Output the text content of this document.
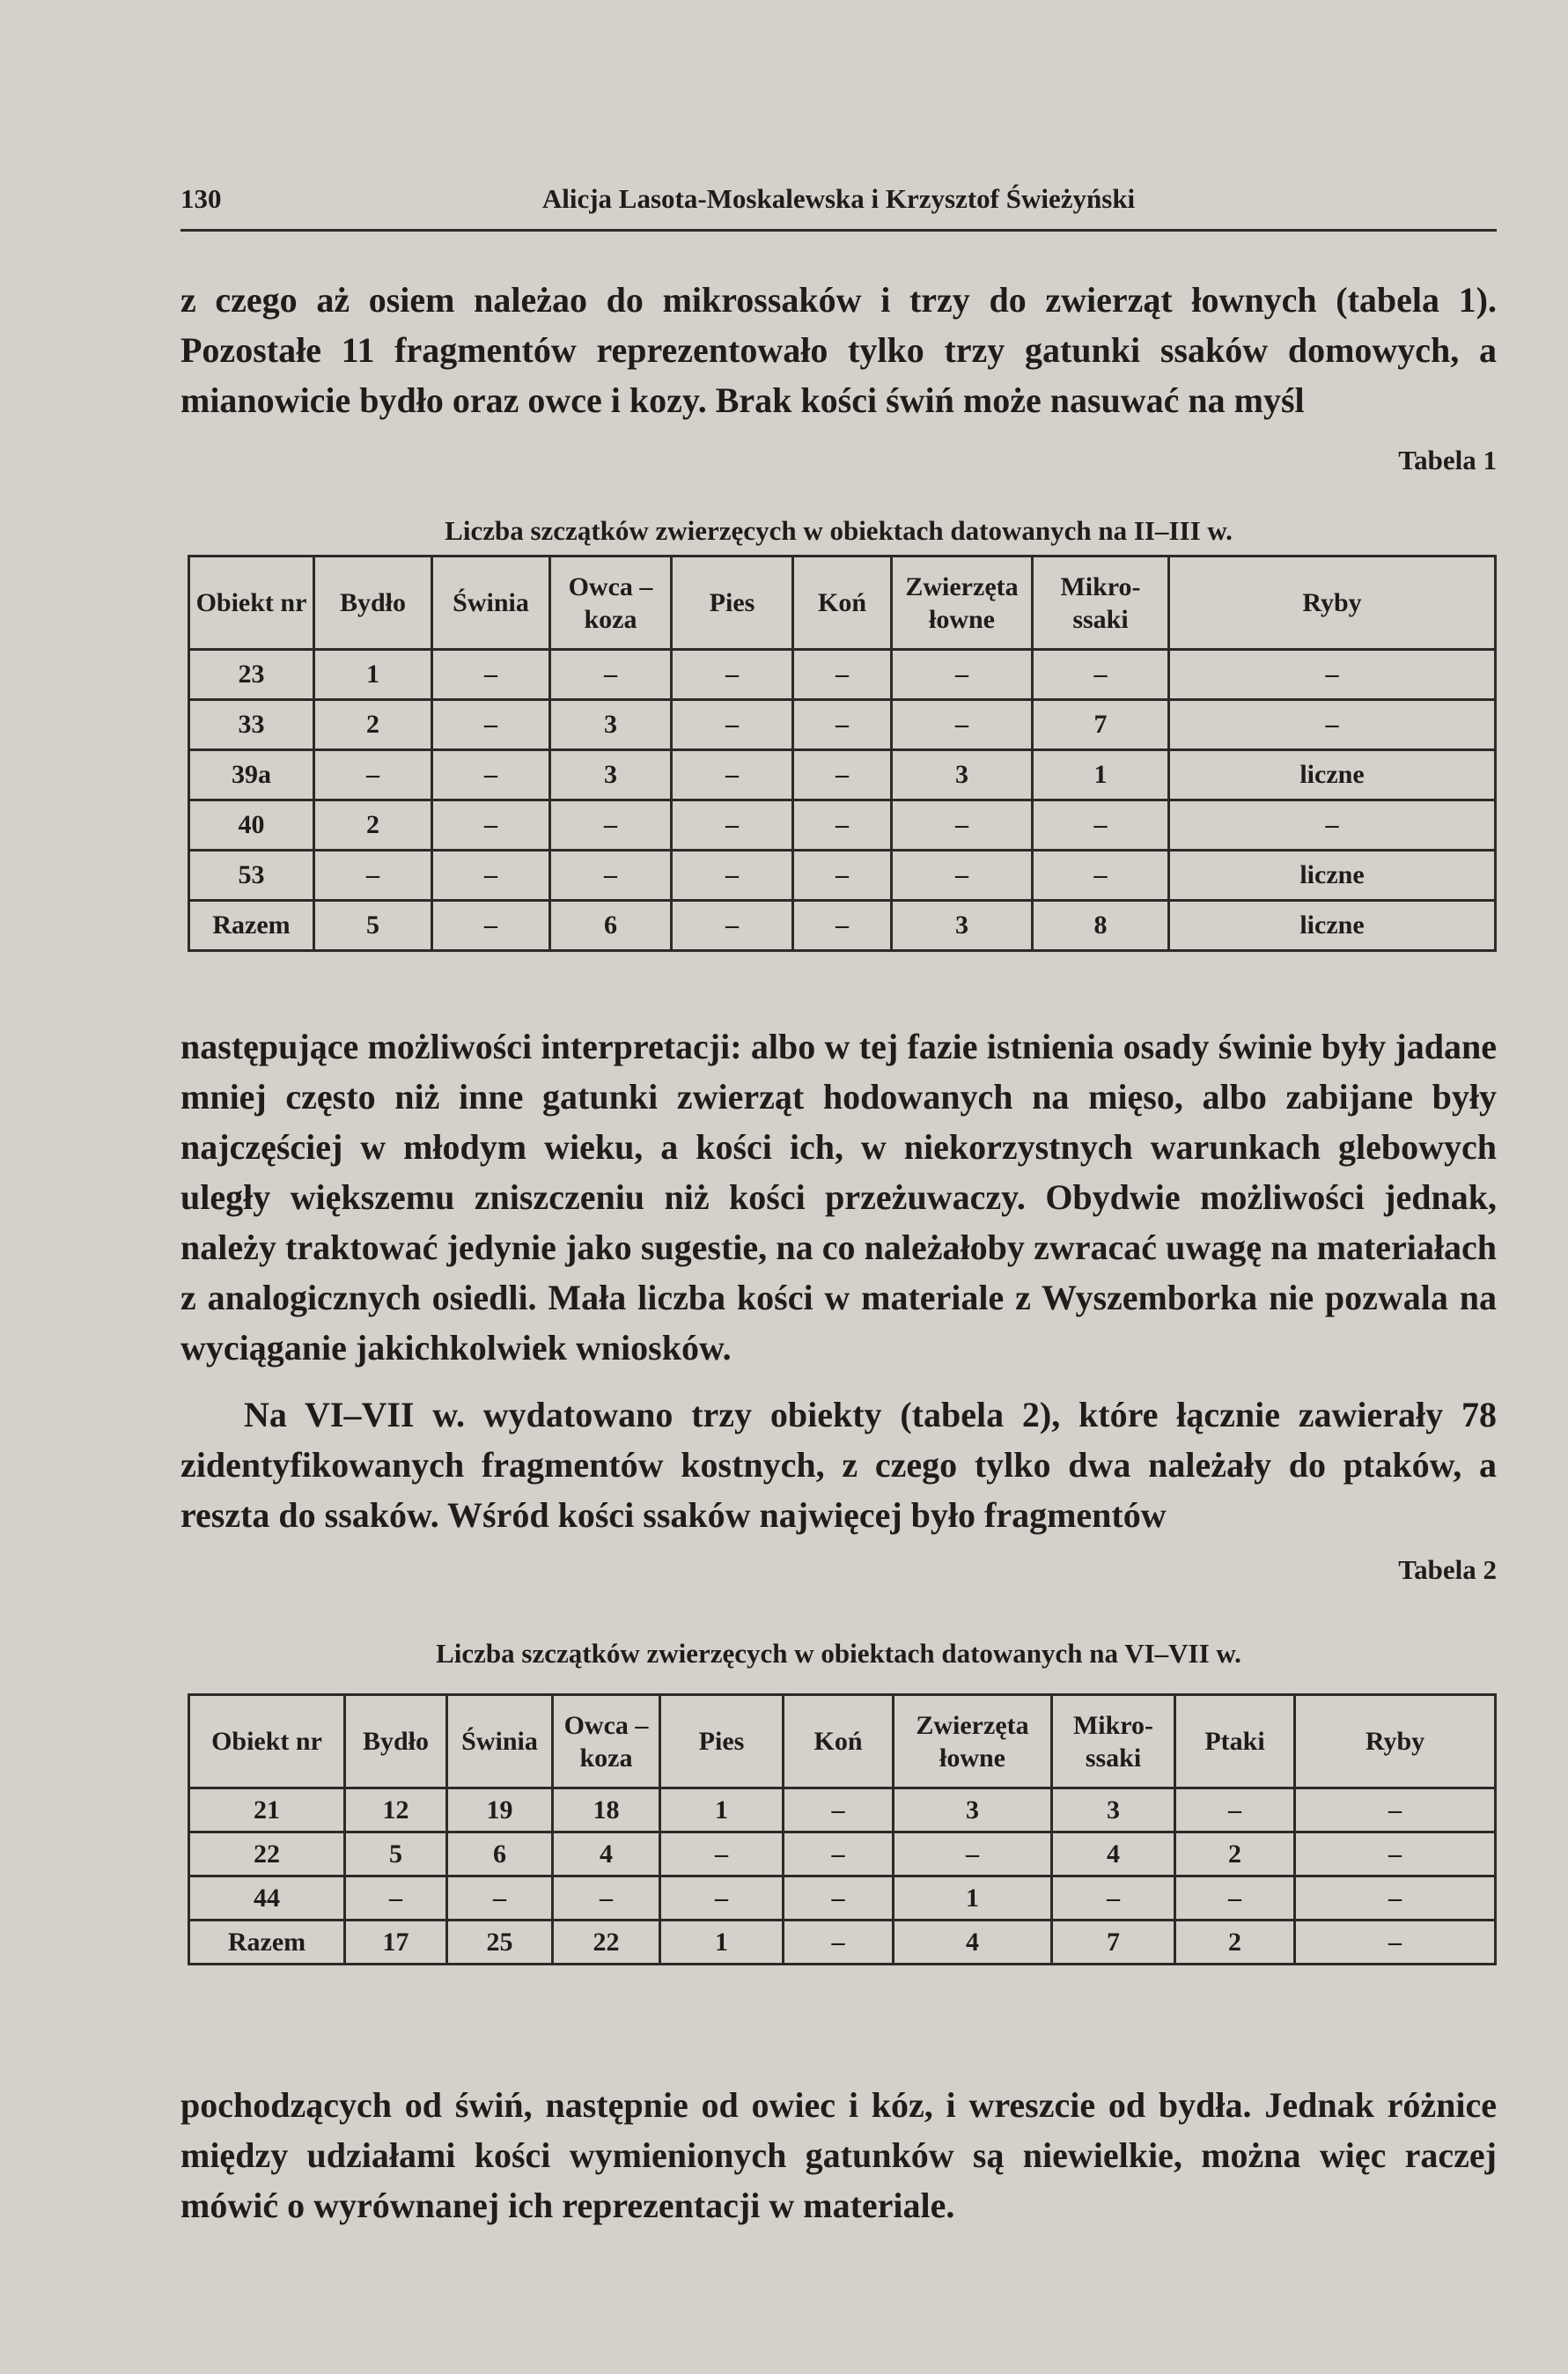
130	Alicja Lasota-Moskalewska i Krzysztof Świeżyński

z czego aż osiem należao do mikrossaków i trzy do zwierząt łownych (tabela 1). Pozostałe 11 fragmentów reprezentowało tylko trzy gatunki ssaków domowych, a mianowicie bydło oraz owce i kozy. Brak kości świń może nasuwać na myśl

Tabela 1
Liczba szczątków zwierzęcych w obiektach datowanych na II–III w.
Obiekt nr	Bydło	Świnia	Owca – koza	Pies	Koń	Zwierzęta łowne	Mikro-ssaki	Ryby
23	1	–	–	–	–	–	–	–
33	2	–	3	–	–	–	7	–
39a	–	–	3	–	–	3	1	liczne
40	2	–	–	–	–	–	–	–
53	–	–	–	–	–	–	–	liczne
Razem	5	–	6	–	–	3	8	liczne

następujące możliwości interpretacji: albo w tej fazie istnienia osady świnie były jadane mniej często niż inne gatunki zwierząt hodowanych na mięso, albo zabijane były najczęściej w młodym wieku, a kości ich, w niekorzystnych warunkach glebowych uległy większemu zniszczeniu niż kości przeżuwaczy. Obydwie możliwości jednak, należy traktować jedynie jako sugestie, na co należałoby zwracać uwagę na materiałach z analogicznych osiedli. Mała liczba kości w materiale z Wyszemborka nie pozwala na wyciąganie jakichkolwiek wniosków.

Na VI–VII w. wydatowano trzy obiekty (tabela 2), które łącznie zawierały 78 zidentyfikowanych fragmentów kostnych, z czego tylko dwa należały do ptaków, a reszta do ssaków. Wśród kości ssaków najwięcej było fragmentów

Tabela 2
Liczba szczątków zwierzęcych w obiektach datowanych na VI–VII w.
Obiekt nr	Bydło	Świnia	Owca – koza	Pies	Koń	Zwierzęta łowne	Mikro-ssaki	Ptaki	Ryby
21	12	19	18	1	–	3	3	–	–
22	5	6	4	–	–	–	4	2	–
44	–	–	–	–	–	1	–	–	–
Razem	17	25	22	1	–	4	7	2	–

pochodzących od świń, następnie od owiec i kóz, i wreszcie od bydła. Jednak różnice między udziałami kości wymienionych gatunków są niewielkie, można więc raczej mówić o wyrównanej ich reprezentacji w materiale.
